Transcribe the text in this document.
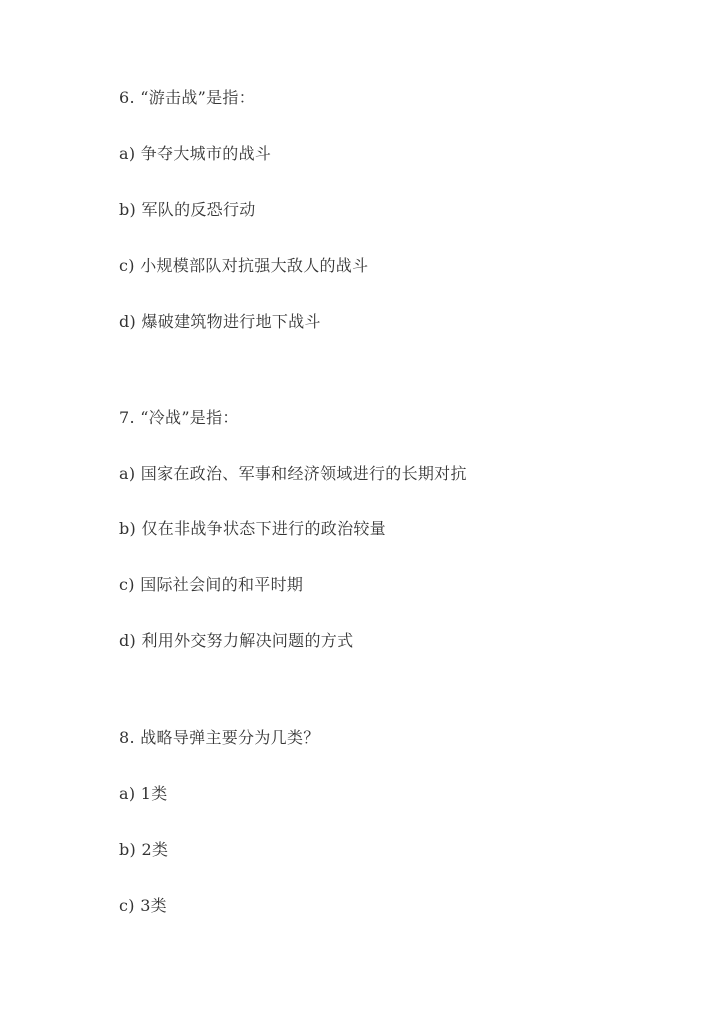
6. “游击战”是指：
a) 争夺大城市的战斗
b) 军队的反恐行动
c) 小规模部队对抗强大敌人的战斗
d) 爆破建筑物进行地下战斗
7. “冷战”是指：
a) 国家在政治、军事和经济领域进行的长期对抗
b) 仅在非战争状态下进行的政治较量
c) 国际社会间的和平时期
d) 利用外交努力解决问题的方式
8. 战略导弹主要分为几类？
a) 1类
b) 2类
c) 3类
